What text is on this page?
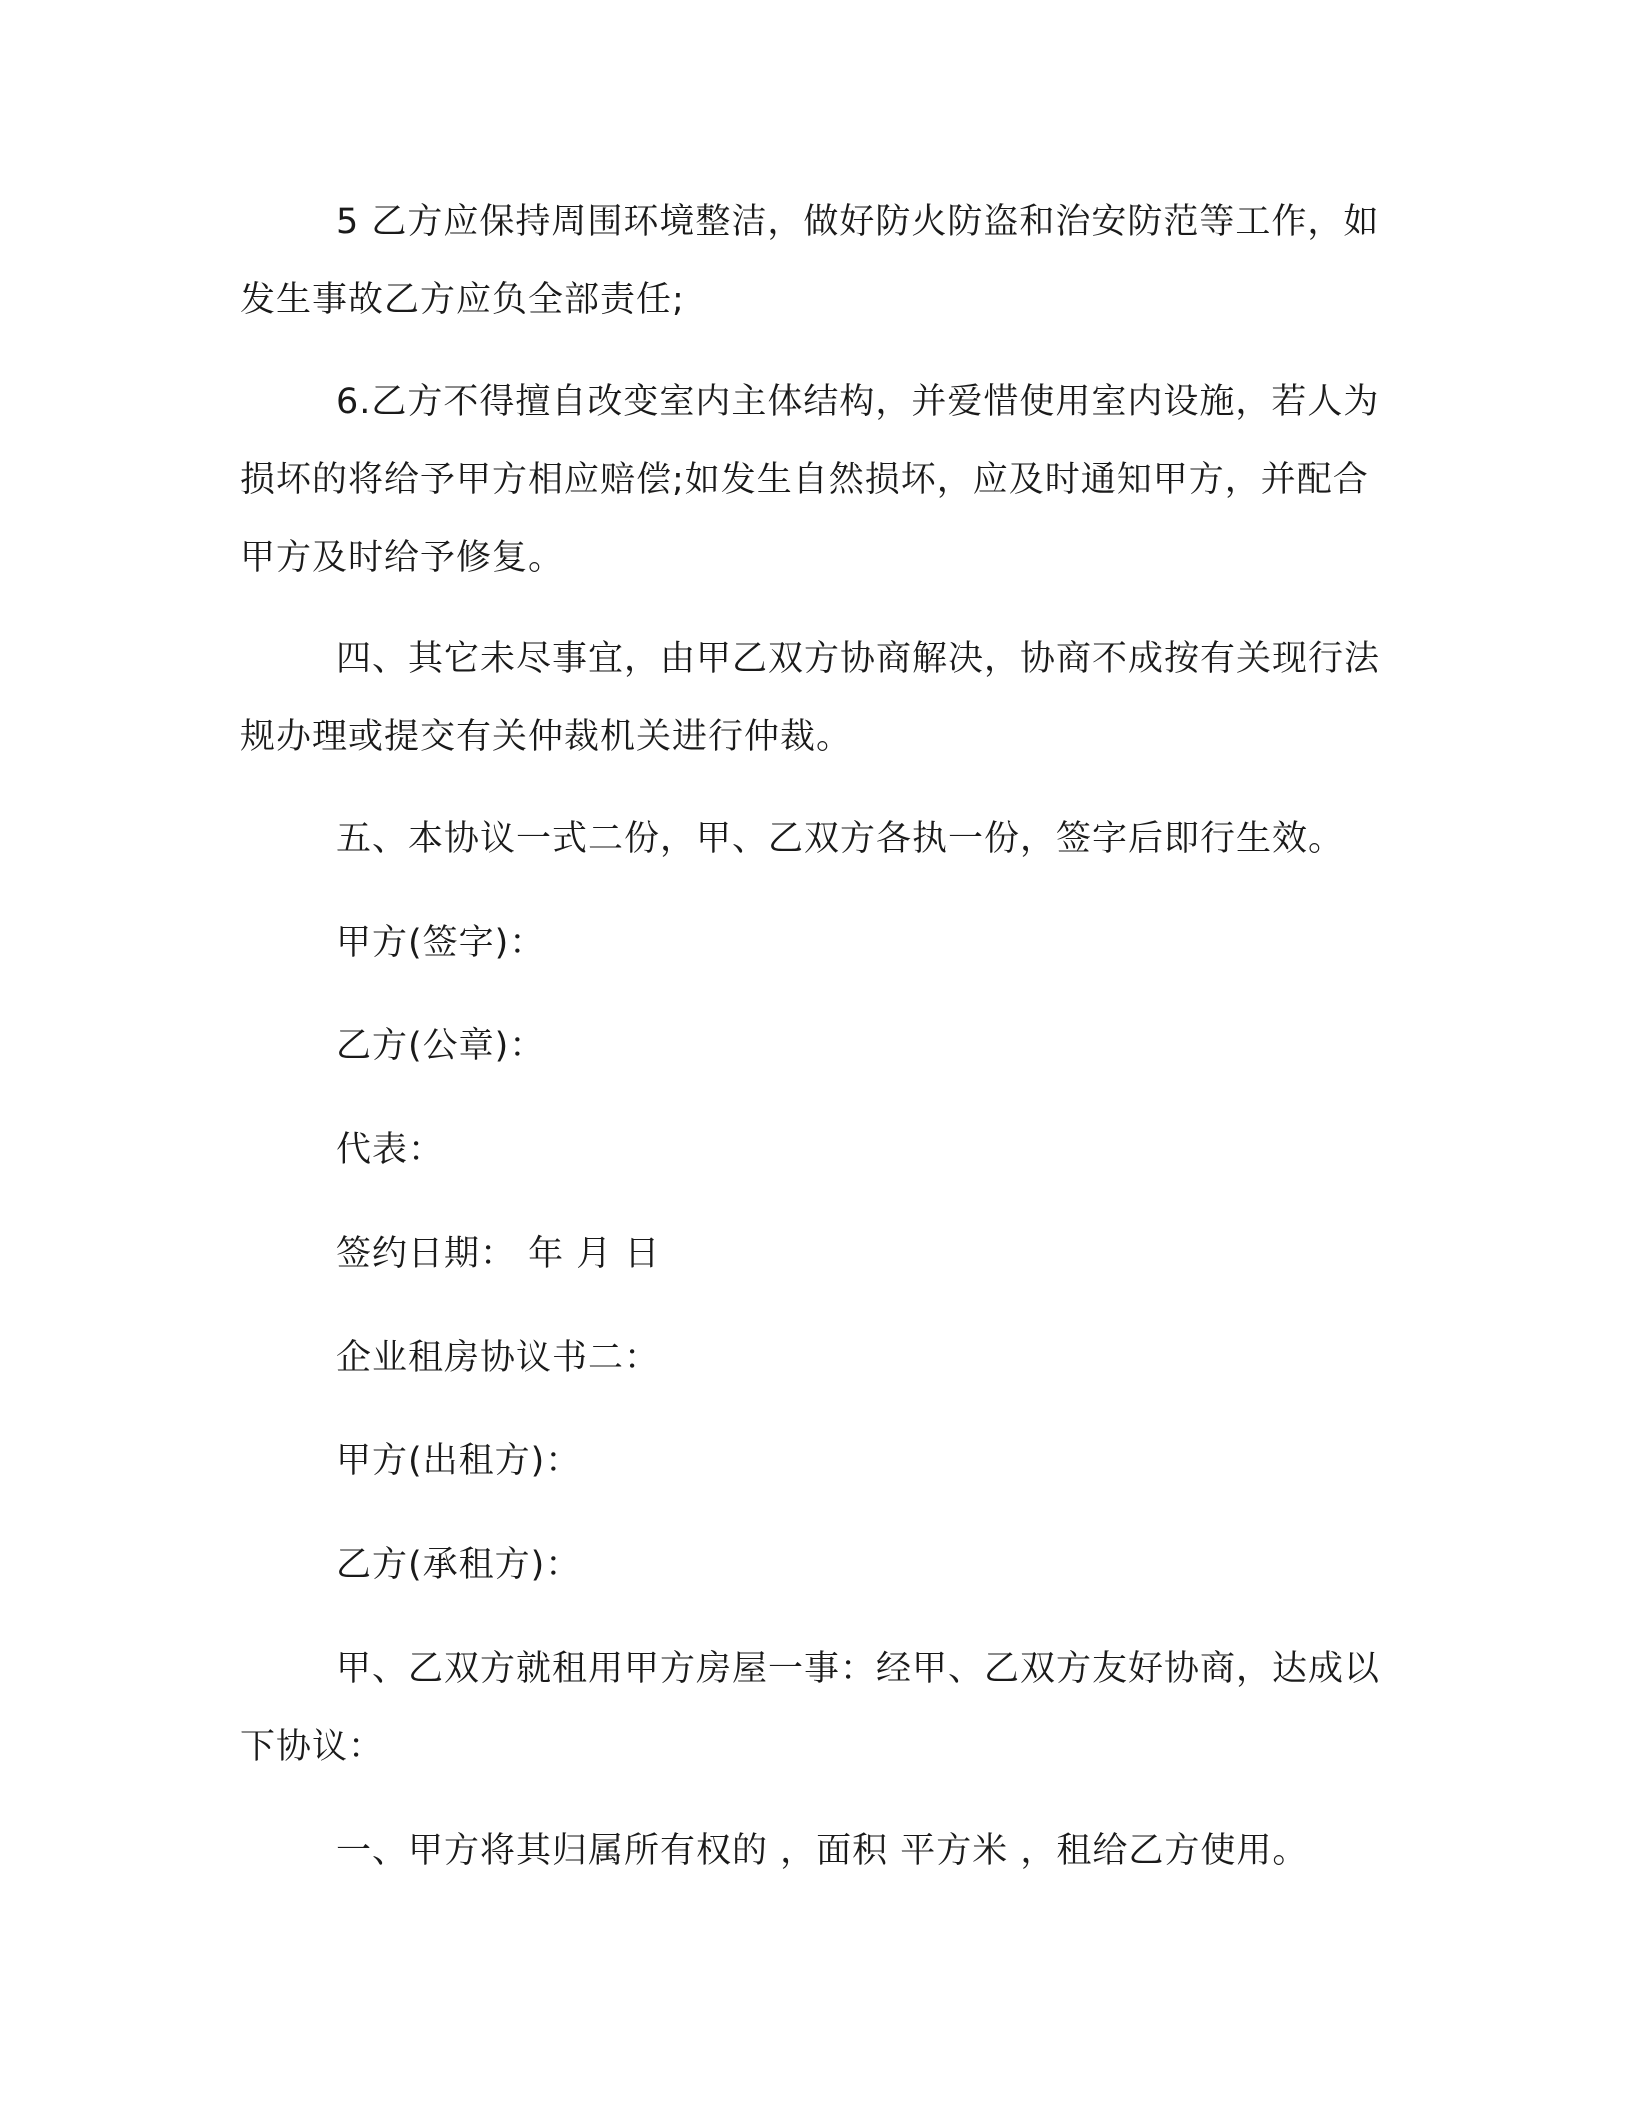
5 乙方应保持周围环境整洁，做好防火防盗和治安防范等工作，如发生事故乙方应负全部责任;

6.乙方不得擅自改变室内主体结构，并爱惜使用室内设施，若人为损坏的将给予甲方相应赔偿;如发生自然损坏，应及时通知甲方，并配合甲方及时给予修复。

四、其它未尽事宜，由甲乙双方协商解决，协商不成按有关现行法规办理或提交有关仲裁机关进行仲裁。

五、本协议一式二份，甲、乙双方各执一份，签字后即行生效。

甲方(签字)：

乙方(公章)：

代表：

签约日期： 年 月 日

企业租房协议书二：

甲方(出租方)：

乙方(承租方)：

甲、乙双方就租用甲方房屋一事：经甲、乙双方友好协商，达成以下协议：

一、甲方将其归属所有权的 ，面积 平方米 ，租给乙方使用。
